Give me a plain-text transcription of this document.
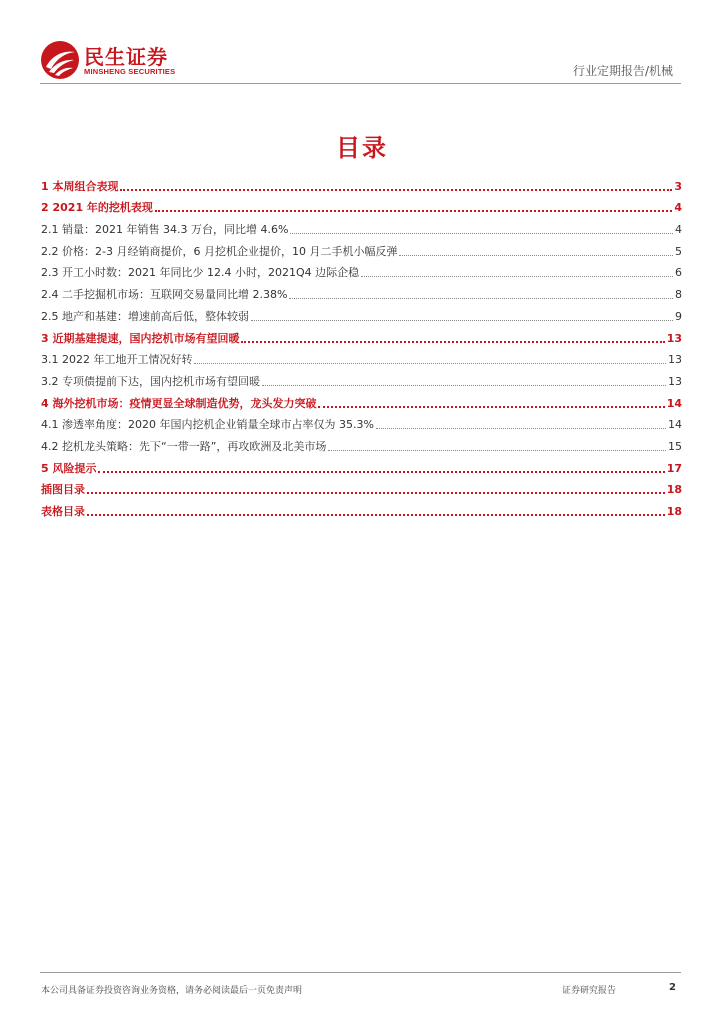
民生证券
MINSHENG SECURITIES	行业定期报告/机械
目录
1 本周组合表现	3
2 2021 年的挖机表现	4
2.1 销量：2021 年销售 34.3 万台，同比增 4.6%	4
2.2 价格：2-3 月经销商提价，6 月挖机企业提价，10 月二手机小幅反弹	5
2.3 开工小时数：2021 年同比少 12.4 小时，2021Q4 边际企稳	6
2.4 二手挖掘机市场：互联网交易量同比增 2.38%	8
2.5 地产和基建：增速前高后低，整体较弱	9
3 近期基建提速，国内挖机市场有望回暖	13
3.1 2022 年工地开工情况好转	13
3.2 专项债提前下达，国内挖机市场有望回暖	13
4 海外挖机市场：疫情更显全球制造优势，龙头发力突破	14
4.1 渗透率角度：2020 年国内挖机企业销量全球市占率仅为 35.3%	14
4.2 挖机龙头策略：先下“一带一路”，再攻欧洲及北美市场	15
5 风险提示	17
插图目录	18
表格目录	18
本公司具备证券投资咨询业务资格，请务必阅读最后一页免责声明	证券研究报告	2
